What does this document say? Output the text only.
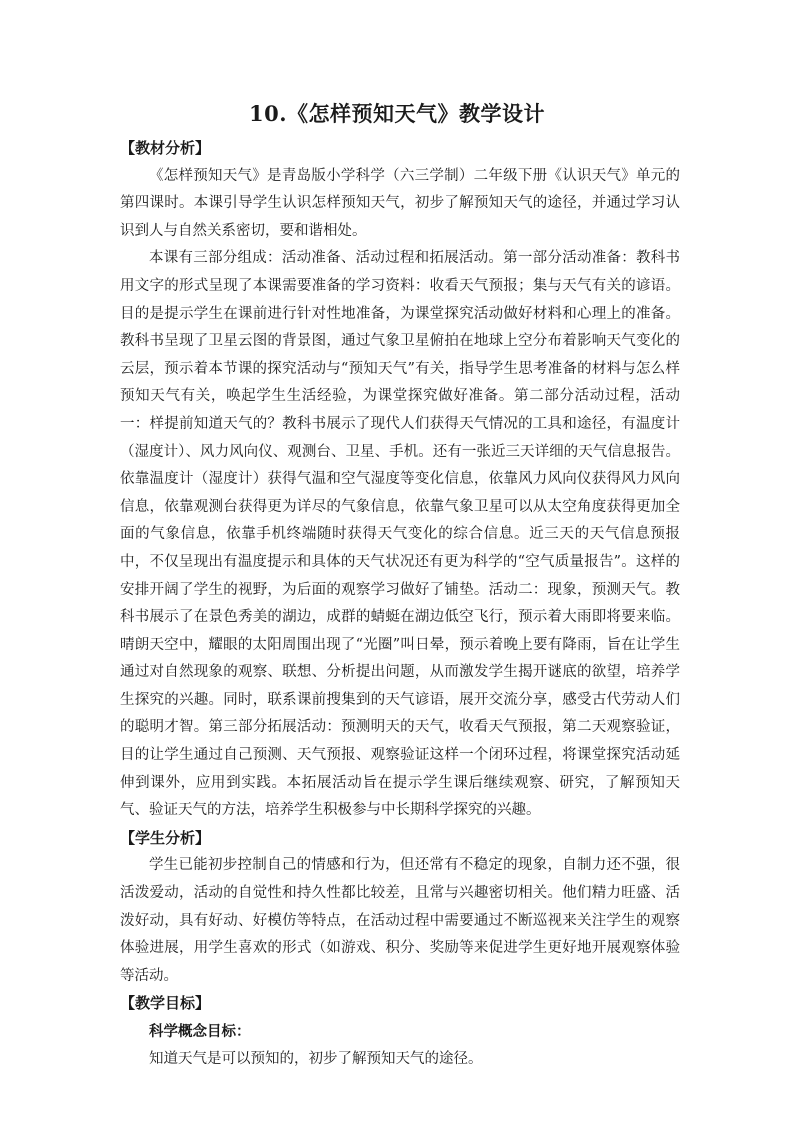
10.《怎样预知天气》教学设计

【教材分析】

《怎样预知天气》是青岛版小学科学（六三学制）二年级下册《认识天气》单元的第四课时。本课引导学生认识怎样预知天气，初步了解预知天气的途径，并通过学习认识到人与自然关系密切，要和谐相处。

本课有三部分组成：活动准备、活动过程和拓展活动。第一部分活动准备：教科书用文字的形式呈现了本课需要准备的学习资料：收看天气预报；集与天气有关的谚语。目的是提示学生在课前进行针对性地准备，为课堂探究活动做好材料和心理上的准备。教科书呈现了卫星云图的背景图，通过气象卫星俯拍在地球上空分布着影响天气变化的云层，预示着本节课的探究活动与“预知天气”有关，指导学生思考准备的材料与怎么样预知天气有关，唤起学生生活经验，为课堂探究做好准备。第二部分活动过程，活动一：样提前知道天气的？教科书展示了现代人们获得天气情况的工具和途径，有温度计（湿度计）、风力风向仪、观测台、卫星、手机。还有一张近三天详细的天气信息报告。依靠温度计（湿度计）获得气温和空气湿度等变化信息，依靠风力风向仪获得风力风向信息，依靠观测台获得更为详尽的气象信息，依靠气象卫星可以从太空角度获得更加全面的气象信息，依靠手机终端随时获得天气变化的综合信息。近三天的天气信息预报中，不仅呈现出有温度提示和具体的天气状况还有更为科学的“空气质量报告”。这样的安排开阔了学生的视野，为后面的观察学习做好了铺垫。活动二：现象，预测天气。教科书展示了在景色秀美的湖边，成群的蜻蜓在湖边低空飞行，预示着大雨即将要来临。晴朗天空中，耀眼的太阳周围出现了“光圈”叫日晕，预示着晚上要有降雨，旨在让学生通过对自然现象的观察、联想、分析提出问题，从而激发学生揭开谜底的欲望，培养学生探究的兴趣。同时，联系课前搜集到的天气谚语，展开交流分享，感受古代劳动人们的聪明才智。第三部分拓展活动：预测明天的天气，收看天气预报，第二天观察验证，目的让学生通过自己预测、天气预报、观察验证这样一个闭环过程，将课堂探究活动延伸到课外，应用到实践。本拓展活动旨在提示学生课后继续观察、研究，了解预知天气、验证天气的方法，培养学生积极参与中长期科学探究的兴趣。

【学生分析】

学生已能初步控制自己的情感和行为，但还常有不稳定的现象，自制力还不强，很活泼爱动，活动的自觉性和持久性都比较差，且常与兴趣密切相关。他们精力旺盛、活泼好动，具有好动、好模仿等特点，在活动过程中需要通过不断巡视来关注学生的观察体验进展，用学生喜欢的形式（如游戏、积分、奖励等来促进学生更好地开展观察体验等活动。

【教学目标】

科学概念目标：

知道天气是可以预知的，初步了解预知天气的途径。
